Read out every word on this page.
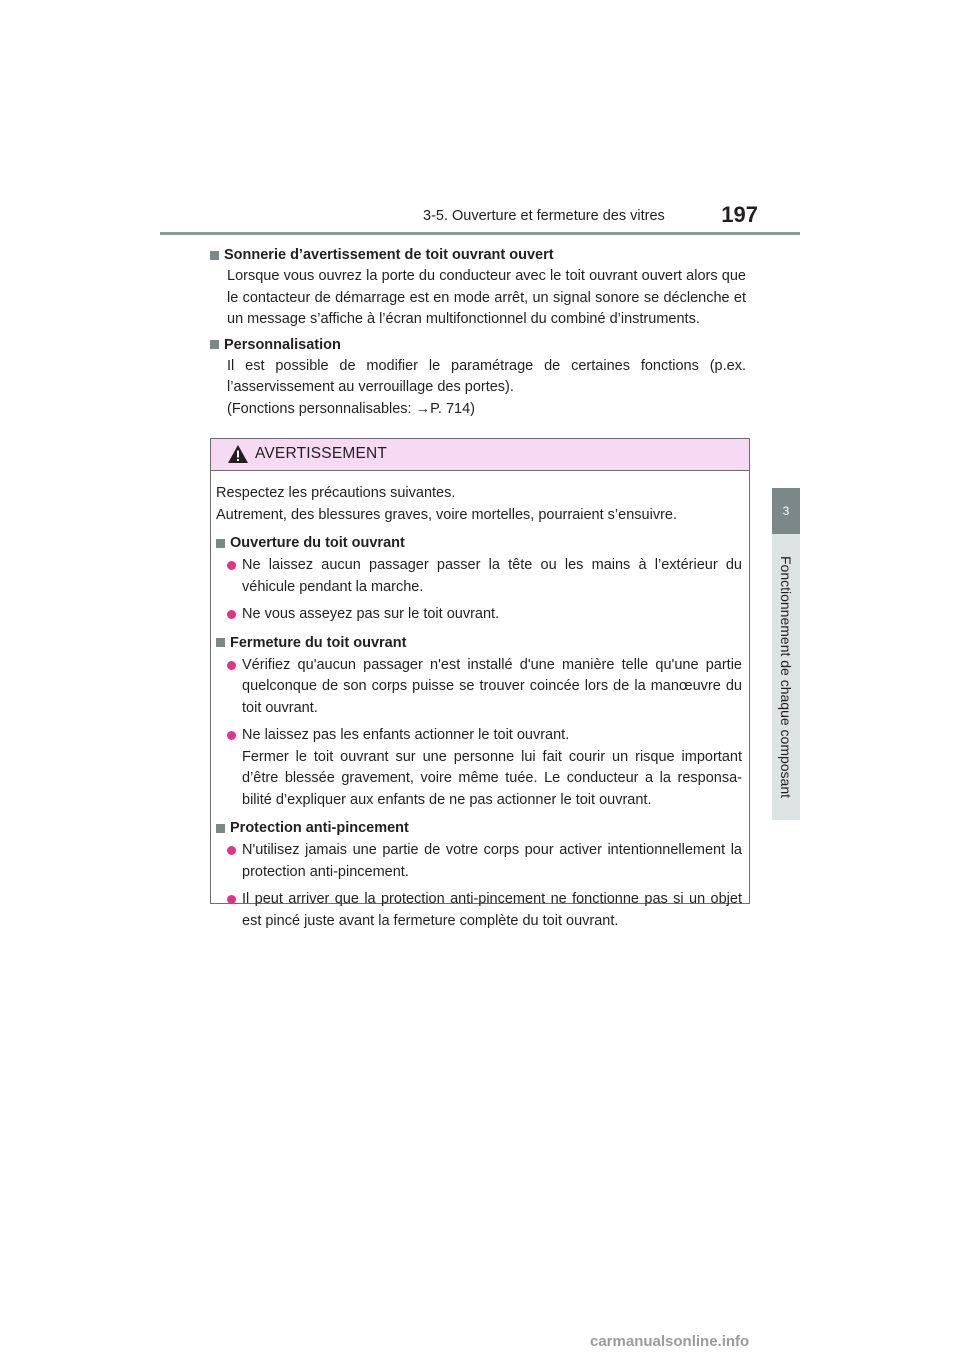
3-5. Ouverture et fermeture des vitres	197
3
Fonctionnement de chaque composant
Sonnerie d’avertissement de toit ouvrant ouvert

Lorsque vous ouvrez la porte du conducteur avec le toit ouvrant ouvert alors que le contacteur de démarrage est en mode arrêt, un signal sonore se déclenche et un message s’affiche à l’écran multifonctionnel du combiné d’instruments.

Personnalisation

Il est possible de modifier le paramétrage de certaines fonctions (p.ex. l’asservissement au verrouillage des portes).

(Fonctions personnalisables: →P. 714)

AVERTISSEMENT

Respectez les précautions suivantes.
Autrement, des blessures graves, voire mortelles, pourraient s’ensuivre.

Ouverture du toit ouvrant
Ne laissez aucun passager passer la tête ou les mains à l’extérieur du véhicule pendant la marche.
Ne vous asseyez pas sur le toit ouvrant.
Fermeture du toit ouvrant
Vérifiez qu'aucun passager n'est installé d'une manière telle qu'une partie quelconque de son corps puisse se trouver coincée lors de la manœuvre du toit ouvrant.
Ne laissez pas les enfants actionner le toit ouvrant.
Fermer le toit ouvrant sur une personne lui fait courir un risque important d’être blessée gravement, voire même tuée. Le conducteur a la responsa-bilité d’expliquer aux enfants de ne pas actionner le toit ouvrant.
Protection anti-pincement
N'utilisez jamais une partie de votre corps pour activer intentionnellement la protection anti-pincement.
Il peut arriver que la protection anti-pincement ne fonctionne pas si un objet est pincé juste avant la fermeture complète du toit ouvrant.
carmanualsonline.info
